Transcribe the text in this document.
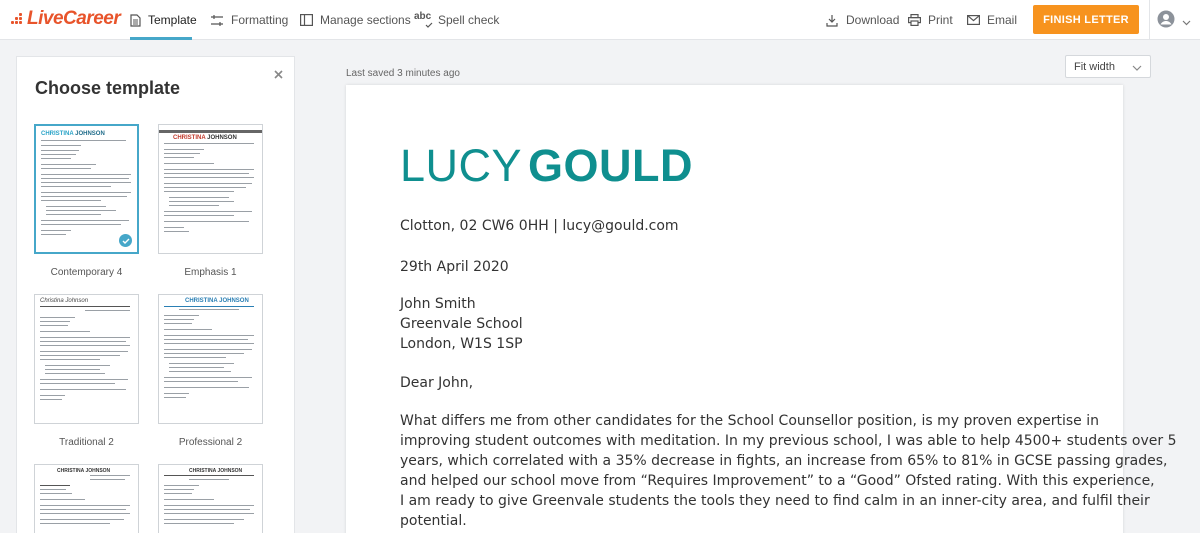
LiveCareer Template	Formatting	Manage sections abc Spell check	Download Print	Email	FINISH LETTER
Choose template
CHRISTINA JOHNSON
Contemporary 4
CHRISTINA JOHNSON
Emphasis 1
Christina Johnson
Traditional 2
CHRISTINA JOHNSON
Professional 2
CHRISTINA JOHNSON	CHRISTINA JOHNSON
Last saved 3 minutes ago
Fit width
LUCY GOULD
Clotton, 02 CW6 0HH | lucy@gould.com
29th April 2020
John Smith
Greenvale School
London, W1S 1SP
Dear John,
What differs me from other candidates for the School Counsellor position, is my proven expertise in
improving student outcomes with meditation. In my previous school, I was able to help 4500+ students over 5
years, which correlated with a 35% decrease in fights, an increase from 65% to 81% in GCSE passing grades,
and helped our school move from “Requires Improvement” to a “Good” Ofsted rating. With this experience,
I am ready to give Greenvale students the tools they need to find calm in an inner-city area, and fulfil their
potential.
